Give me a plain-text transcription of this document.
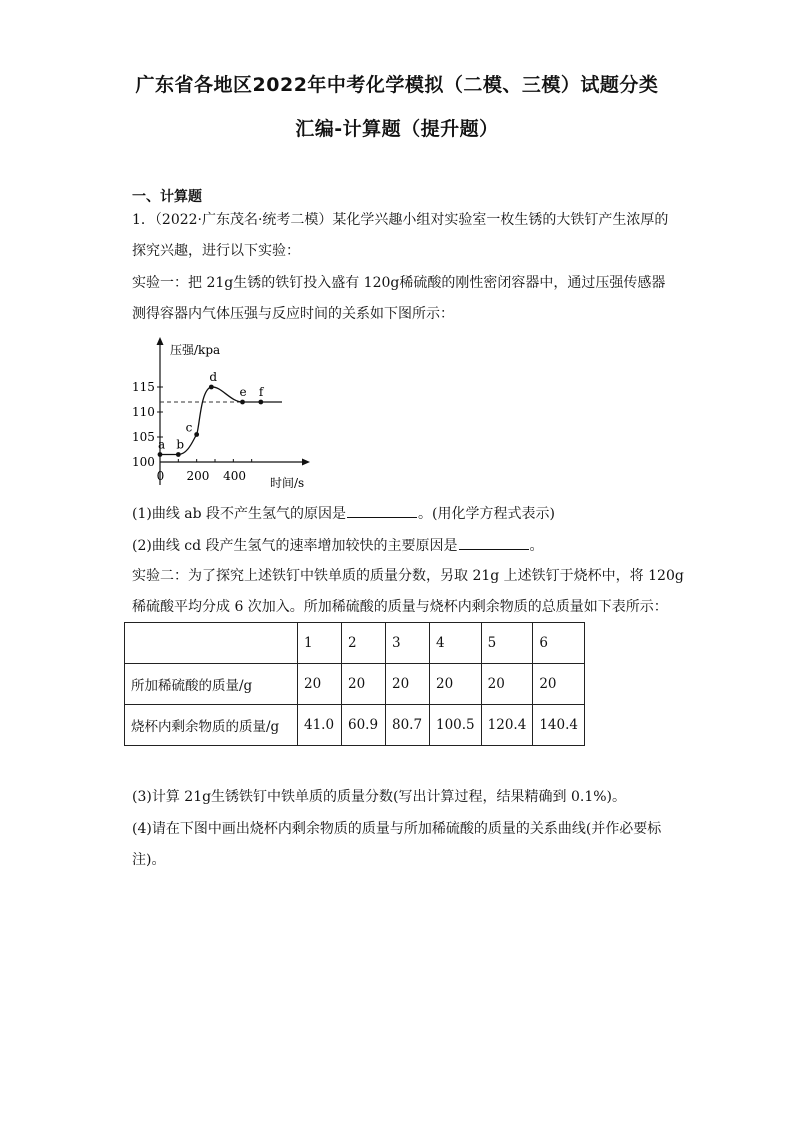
广东省各地区2022年中考化学模拟（二模、三模）试题分类
汇编-计算题（提升题）
一、计算题
1．（2022·广东茂名·统考二模）某化学兴趣小组对实验室一枚生锈的大铁钉产生浓厚的
探究兴趣，进行以下实验：
实验一：把 21g生锈的铁钉投入盛有 120g稀硫酸的刚性密闭容器中，通过压强传感器
测得容器内气体压强与反应时间的关系如下图所示：
压强/kpa
时间/s
100
105
110
115
0 200 400
a b
c
d
e f
(1)曲线 ab 段不产生氢气的原因是	。(用化学方程式表示)
(2)曲线 cd 段产生氢气的速率增加较快的主要原因是	。
实验二：为了探究上述铁钉中铁单质的质量分数，另取 21g 上述铁钉于烧杯中，将 120g
稀硫酸平均分成 6 次加入。所加稀硫酸的质量与烧杯内剩余物质的总质量如下表所示：
	1	2	3	4	5	6
所加稀硫酸的质量/g	20	20	20	20	20	20
烧杯内剩余物质的质量/g	41.0	60.9	80.7	100.5	120.4	140.4
(3)计算 21g生锈铁钉中铁单质的质量分数(写出计算过程，结果精确到 0.1%)。
(4)请在下图中画出烧杯内剩余物质的质量与所加稀硫酸的质量的关系曲线(并作必要标
注)。
